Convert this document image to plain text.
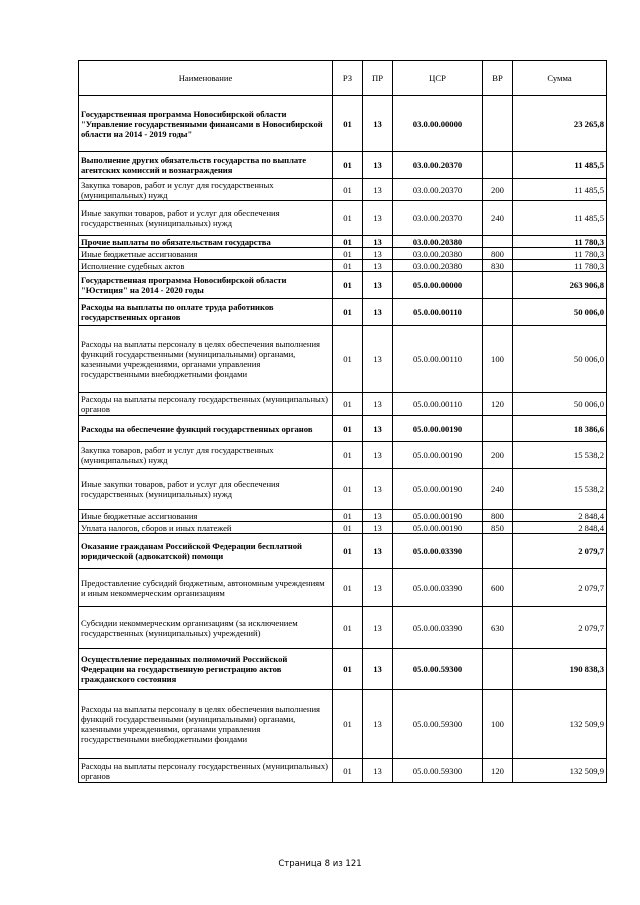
Наименование	РЗ	ПР	ЦСР	ВР	Сумма
Государственная программа Новосибирской области "Управление государственными финансами в Новосибирской области на 2014 - 2019 годы"	01	13	03.0.00.00000		23 265,8
Выполнение других обязательств государства по выплате агентских комиссий и вознаграждения	01	13	03.0.00.20370		11 485,5
Закупка товаров, работ и услуг для государственных (муниципальных) нужд	01	13	03.0.00.20370	200	11 485,5
Иные закупки товаров, работ и услуг для обеспечения государственных (муниципальных) нужд	01	13	03.0.00.20370	240	11 485,5
Прочие выплаты по обязательствам государства	01	13	03.0.00.20380		11 780,3
Иные бюджетные ассигнования	01	13	03.0.00.20380	800	11 780,3
Исполнение судебных актов	01	13	03.0.00.20380	830	11 780,3
Государственная программа Новосибирской области "Юстиция" на 2014 - 2020 годы	01	13	05.0.00.00000		263 906,8
Расходы на выплаты по оплате труда работников государственных органов	01	13	05.0.00.00110		50 006,0
Расходы на выплаты персоналу в целях обеспечения выполнения функций государственными (муниципальными) органами, казенными учреждениями, органами управления государственными внебюджетными фондами	01	13	05.0.00.00110	100	50 006,0
Расходы на выплаты персоналу государственных (муниципальных) органов	01	13	05.0.00.00110	120	50 006,0
Расходы на обеспечение функций государственных органов	01	13	05.0.00.00190		18 386,6
Закупка товаров, работ и услуг для государственных (муниципальных) нужд	01	13	05.0.00.00190	200	15 538,2
Иные закупки товаров, работ и услуг для обеспечения государственных (муниципальных) нужд	01	13	05.0.00.00190	240	15 538,2
Иные бюджетные ассигнования	01	13	05.0.00.00190	800	2 848,4
Уплата налогов, сборов и иных платежей	01	13	05.0.00.00190	850	2 848,4
Оказание гражданам Российской Федерации бесплатной юридической (адвокатской) помощи	01	13	05.0.00.03390		2 079,7
Предоставление субсидий бюджетным, автономным учреждениям и иным некоммерческим организациям	01	13	05.0.00.03390	600	2 079,7
Субсидии некоммерческим организациям (за исключением государственных (муниципальных) учреждений)	01	13	05.0.00.03390	630	2 079,7
Осуществление переданных полномочий Российской Федерации на государственную регистрацию актов гражданского состояния	01	13	05.0.00.59300		190 838,3
Расходы на выплаты персоналу в целях обеспечения выполнения функций государственными (муниципальными) органами, казенными учреждениями, органами управления государственными внебюджетными фондами	01	13	05.0.00.59300	100	132 509,9
Расходы на выплаты персоналу государственных (муниципальных) органов	01	13	05.0.00.59300	120	132 509,9
Страница 8 из 121
